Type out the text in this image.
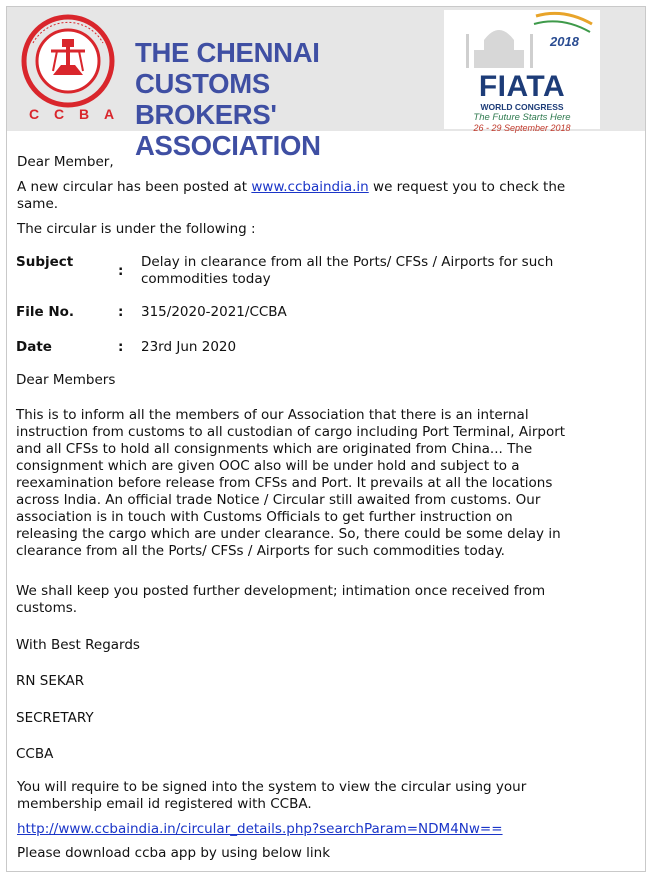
C C B A
THE CHENNAI CUSTOMS
BROKERS' ASSOCIATION
2018
FIATA
WORLD CONGRESS
The Future Starts Here
26 - 29 September 2018
Dear Member,
A new circular has been posted at www.ccbaindia.in we request you to check the
same.
The circular is under the following :
Subject
:
Delay in clearance from all the Ports/ CFSs / Airports for such
commodities today
File No.	: 315/2020-2021/CCBA
Date	: 23rd Jun 2020
Dear Members
This is to inform all the members of our Association that there is an internal
instruction from customs to all custodian of cargo including Port Terminal, Airport
and all CFSs to hold all consignments which are originated from China... The
consignment which are given OOC also will be under hold and subject to a
reexamination before release from CFSs and Port. It prevails at all the locations
across India. An official trade Notice / Circular still awaited from customs. Our
association is in touch with Customs Officials to get further instruction on
releasing the cargo which are under clearance. So, there could be some delay in
clearance from all the Ports/ CFSs / Airports for such commodities today.
We shall keep you posted further development; intimation once received from
customs.
With Best Regards
RN SEKAR
SECRETARY
CCBA
You will require to be signed into the system to view the circular using your
membership email id registered with CCBA.
http://www.ccbaindia.in/circular_details.php?searchParam=NDM4Nw==
Please download ccba app by using below link
